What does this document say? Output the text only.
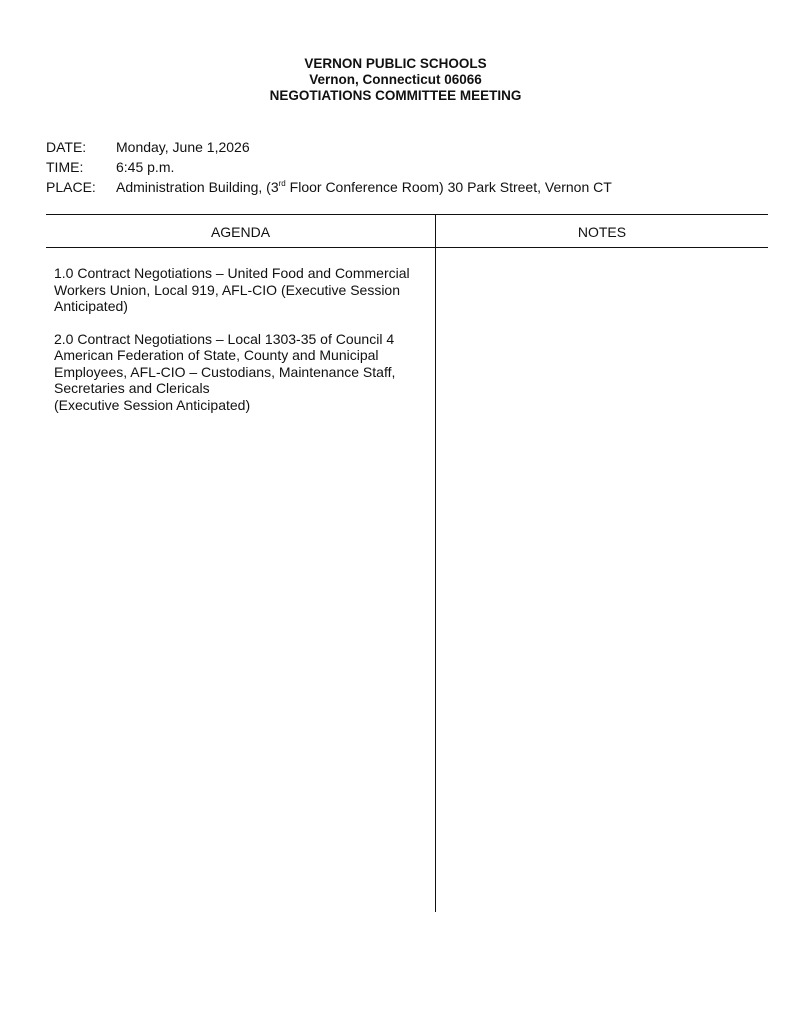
VERNON PUBLIC SCHOOLS
Vernon, Connecticut 06066
NEGOTIATIONS COMMITTEE MEETING
DATE:	Monday, June 1,2026
TIME:	6:45 p.m.
PLACE:	Administration Building, (3rd Floor Conference Room) 30 Park Street, Vernon CT
AGENDA	NOTES
1.0 Contract Negotiations – United Food and Commercial
Workers Union, Local 919, AFL-CIO (Executive Session
Anticipated)
2.0 Contract Negotiations – Local 1303-35 of Council 4
American Federation of State, County and Municipal
Employees, AFL-CIO – Custodians, Maintenance Staff,
Secretaries and Clericals
(Executive Session Anticipated)
